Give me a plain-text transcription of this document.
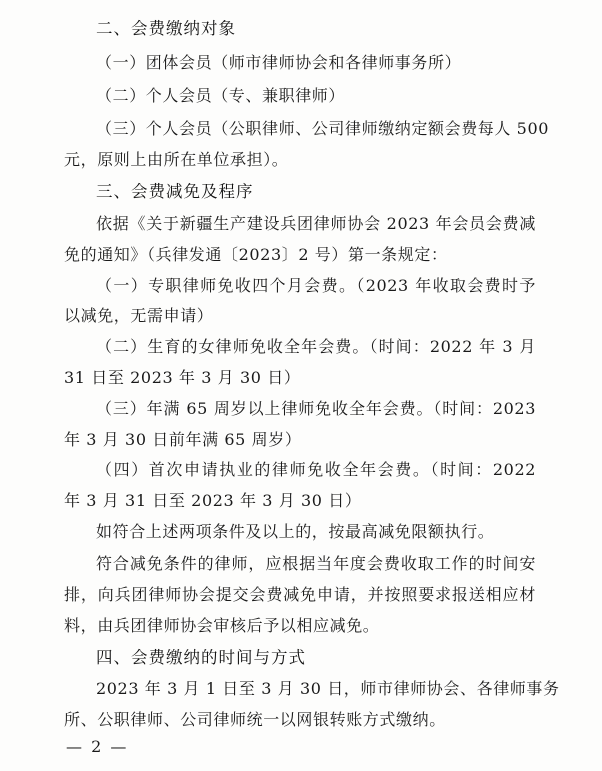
二、会费缴纳对象
（一）团体会员（师市律师协会和各律师事务所）
（二）个人会员（专、兼职律师）
（三）个人会员（公职律师、公司律师缴纳定额会费每人 500
元，原则上由所在单位承担）。
三、会费减免及程序
依据《关于新疆生产建设兵团律师协会 2023 年会员会费减
免的通知》（兵律发通〔2023〕2 号）第一条规定：
（一）专职律师免收四个月会费。（2023 年收取会费时予
以减免，无需申请）
（二）生育的女律师免收全年会费。（时间：2022 年 3 月
31 日至 2023 年 3 月 30 日）
（三）年满 65 周岁以上律师免收全年会费。（时间：2023
年 3 月 30 日前年满 65 周岁）
（四）首次申请执业的律师免收全年会费。（时间：2022
年 3 月 31 日至 2023 年 3 月 30 日）
如符合上述两项条件及以上的，按最高减免限额执行。
符合减免条件的律师，应根据当年度会费收取工作的时间安
排，向兵团律师协会提交会费减免申请，并按照要求报送相应材
料，由兵团律师协会审核后予以相应减免。
四、会费缴纳的时间与方式
2023 年 3 月 1 日至 3 月 30 日，师市律师协会、各律师事务
所、公职律师、公司律师统一以网银转账方式缴纳。
— 2 —
